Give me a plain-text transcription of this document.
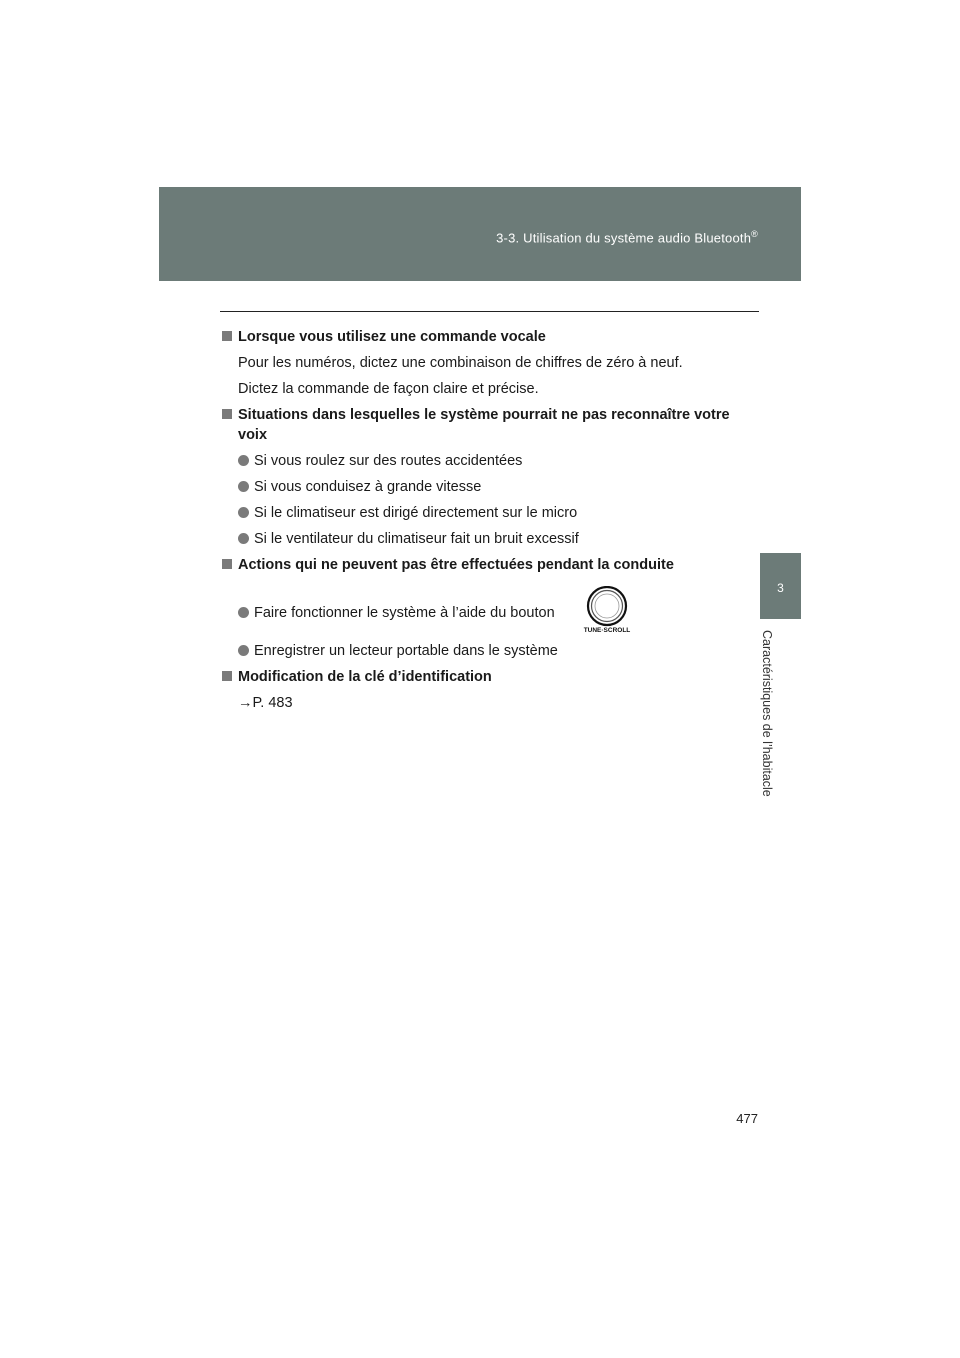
3-3. Utilisation du système audio Bluetooth®
3
Caractéristiques de l’habitacle
Lorsque vous utilisez une commande vocale
Pour les numéros, dictez une combinaison de chiffres de zéro à neuf.
Dictez la commande de façon claire et précise.
Situations dans lesquelles le système pourrait ne pas reconnaître votre
voix
Si vous roulez sur des routes accidentées
Si vous conduisez à grande vitesse
Si le climatiseur est dirigé directement sur le micro
Si le ventilateur du climatiseur fait un bruit excessif
Actions qui ne peuvent pas être effectuées pendant la conduite
Faire fonctionner le système à l’aide du bouton
TUNE·SCROLL
Enregistrer un lecteur portable dans le système
Modification de la clé d’identification
→P. 483
477
